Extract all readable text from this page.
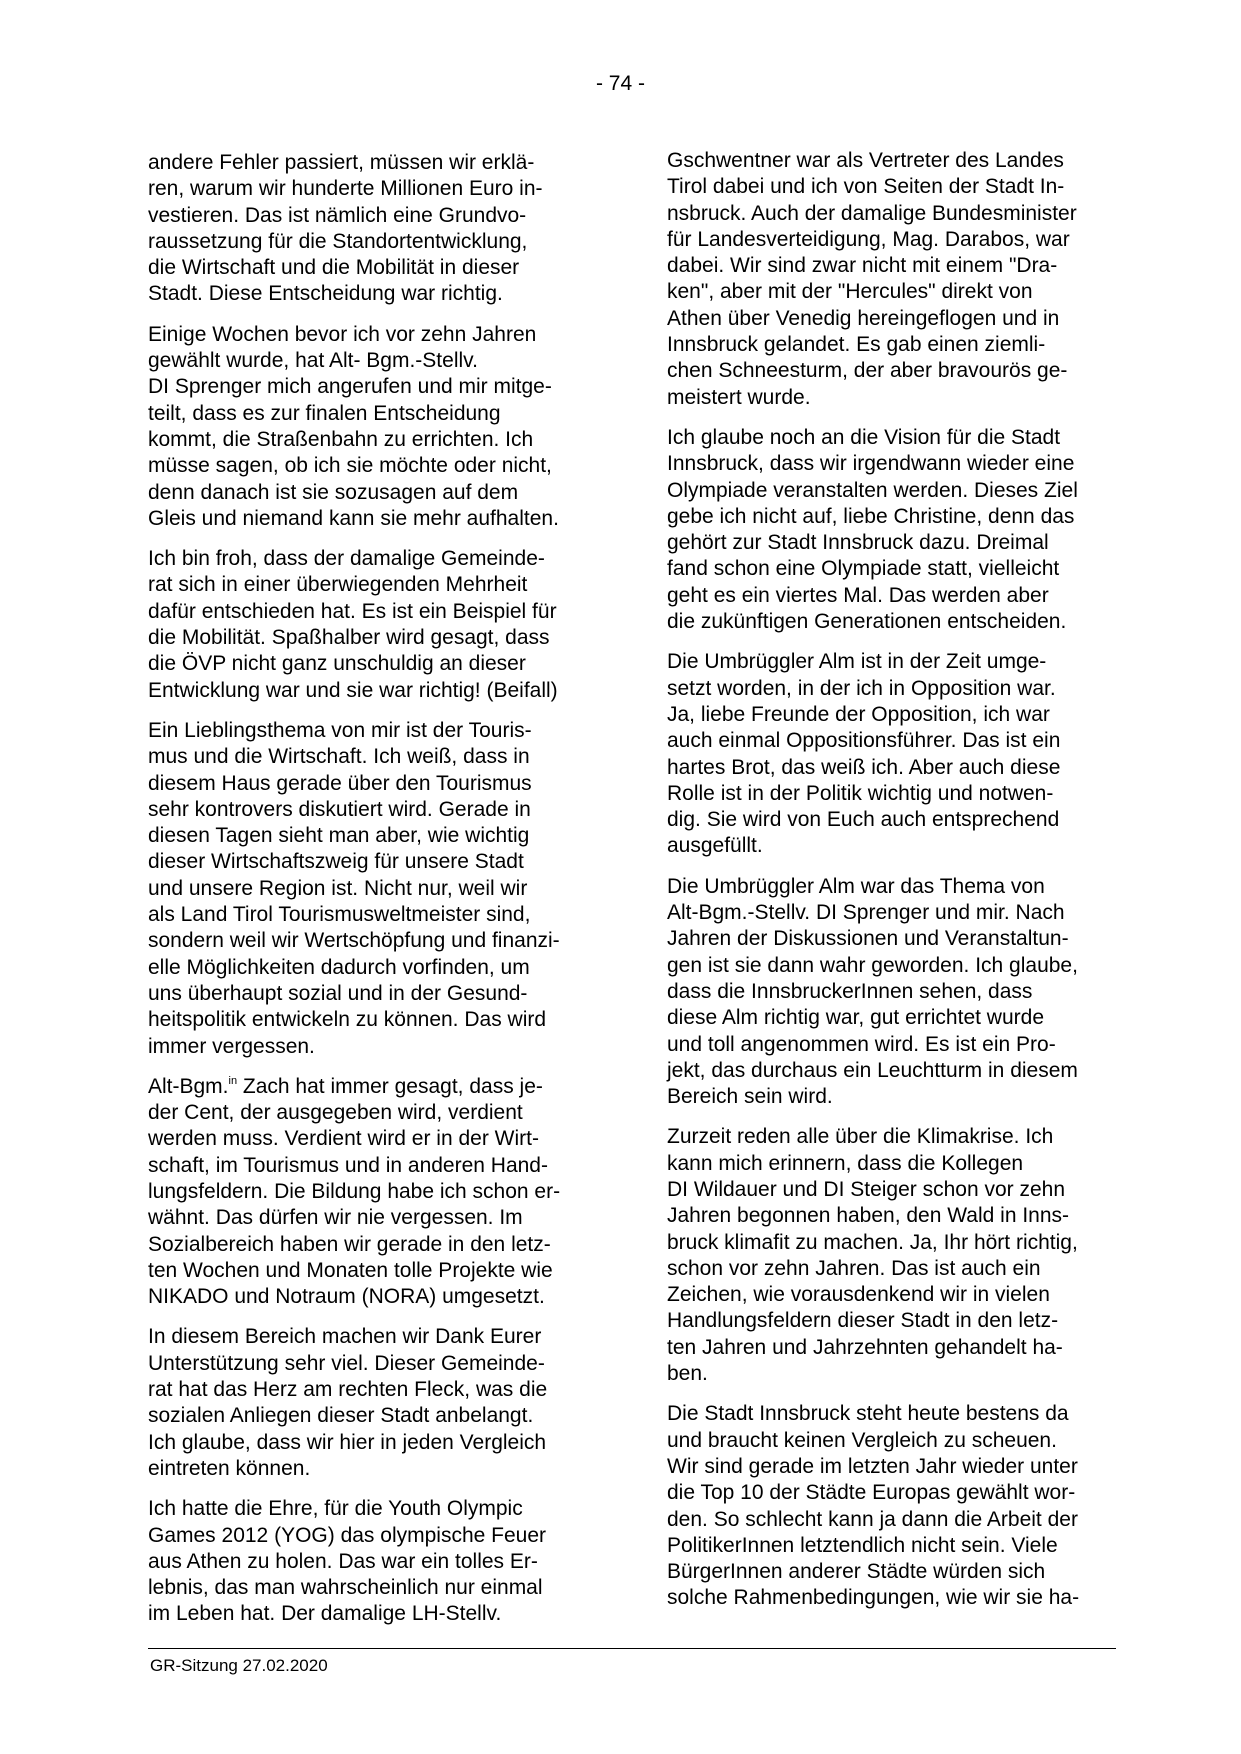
- 74 -

andere Fehler passiert, müssen wir erklä-
ren, warum wir hunderte Millionen Euro in-
vestieren. Das ist nämlich eine Grundvo-
raussetzung für die Standortentwicklung,
die Wirtschaft und die Mobilität in dieser
Stadt. Diese Entscheidung war richtig.

Einige Wochen bevor ich vor zehn Jahren
gewählt wurde, hat Alt- Bgm.-Stellv.
DI Sprenger mich angerufen und mir mitge-
teilt, dass es zur finalen Entscheidung
kommt, die Straßenbahn zu errichten. Ich
müsse sagen, ob ich sie möchte oder nicht,
denn danach ist sie sozusagen auf dem
Gleis und niemand kann sie mehr aufhalten.

Ich bin froh, dass der damalige Gemeinde-
rat sich in einer überwiegenden Mehrheit
dafür entschieden hat. Es ist ein Beispiel für
die Mobilität. Spaßhalber wird gesagt, dass
die ÖVP nicht ganz unschuldig an dieser
Entwicklung war und sie war richtig! (Beifall)

Ein Lieblingsthema von mir ist der Touris-
mus und die Wirtschaft. Ich weiß, dass in
diesem Haus gerade über den Tourismus
sehr kontrovers diskutiert wird. Gerade in
diesen Tagen sieht man aber, wie wichtig
dieser Wirtschaftszweig für unsere Stadt
und unsere Region ist. Nicht nur, weil wir
als Land Tirol Tourismusweltmeister sind,
sondern weil wir Wertschöpfung und finanzi-
elle Möglichkeiten dadurch vorfinden, um
uns überhaupt sozial und in der Gesund-
heitspolitik entwickeln zu können. Das wird
immer vergessen.

Alt-Bgm.$^{in}$ Zach hat immer gesagt, dass je-
der Cent, der ausgegeben wird, verdient
werden muss. Verdient wird er in der Wirt-
schaft, im Tourismus und in anderen Hand-
lungsfeldern. Die Bildung habe ich schon er-
wähnt. Das dürfen wir nie vergessen. Im
Sozialbereich haben wir gerade in den letz-
ten Wochen und Monaten tolle Projekte wie
NIKADO und Notraum (NORA) umgesetzt.

In diesem Bereich machen wir Dank Eurer
Unterstützung sehr viel. Dieser Gemeinde-
rat hat das Herz am rechten Fleck, was die
sozialen Anliegen dieser Stadt anbelangt.
Ich glaube, dass wir hier in jeden Vergleich
eintreten können.

Ich hatte die Ehre, für die Youth Olympic
Games 2012 (YOG) das olympische Feuer
aus Athen zu holen. Das war ein tolles Er-
lebnis, das man wahrscheinlich nur einmal
im Leben hat. Der damalige LH-Stellv.

Gschwentner war als Vertreter des Landes
Tirol dabei und ich von Seiten der Stadt In-
nsbruck. Auch der damalige Bundesminister
für Landesverteidigung, Mag. Darabos, war
dabei. Wir sind zwar nicht mit einem "Dra-
ken", aber mit der "Hercules" direkt von
Athen über Venedig hereingeflogen und in
Innsbruck gelandet. Es gab einen ziemli-
chen Schneesturm, der aber bravourös ge-
meistert wurde.

Ich glaube noch an die Vision für die Stadt
Innsbruck, dass wir irgendwann wieder eine
Olympiade veranstalten werden. Dieses Ziel
gebe ich nicht auf, liebe Christine, denn das
gehört zur Stadt Innsbruck dazu. Dreimal
fand schon eine Olympiade statt, vielleicht
geht es ein viertes Mal. Das werden aber
die zukünftigen Generationen entscheiden.

Die Umbrüggler Alm ist in der Zeit umge-
setzt worden, in der ich in Opposition war.
Ja, liebe Freunde der Opposition, ich war
auch einmal Oppositionsführer. Das ist ein
hartes Brot, das weiß ich. Aber auch diese
Rolle ist in der Politik wichtig und notwen-
dig. Sie wird von Euch auch entsprechend
ausgefüllt.

Die Umbrüggler Alm war das Thema von
Alt-Bgm.-Stellv. DI Sprenger und mir. Nach
Jahren der Diskussionen und Veranstaltun-
gen ist sie dann wahr geworden. Ich glaube,
dass die InnsbruckerInnen sehen, dass
diese Alm richtig war, gut errichtet wurde
und toll angenommen wird. Es ist ein Pro-
jekt, das durchaus ein Leuchtturm in diesem
Bereich sein wird.

Zurzeit reden alle über die Klimakrise. Ich
kann mich erinnern, dass die Kollegen
DI Wildauer und DI Steiger schon vor zehn
Jahren begonnen haben, den Wald in Inns-
bruck klimafit zu machen. Ja, Ihr hört richtig,
schon vor zehn Jahren. Das ist auch ein
Zeichen, wie vorausdenkend wir in vielen
Handlungsfeldern dieser Stadt in den letz-
ten Jahren und Jahrzehnten gehandelt ha-
ben.

Die Stadt Innsbruck steht heute bestens da
und braucht keinen Vergleich zu scheuen.
Wir sind gerade im letzten Jahr wieder unter
die Top 10 der Städte Europas gewählt wor-
den. So schlecht kann ja dann die Arbeit der
PolitikerInnen letztendlich nicht sein. Viele
BürgerInnen anderer Städte würden sich
solche Rahmenbedingungen, wie wir sie ha-

GR-Sitzung 27.02.2020
